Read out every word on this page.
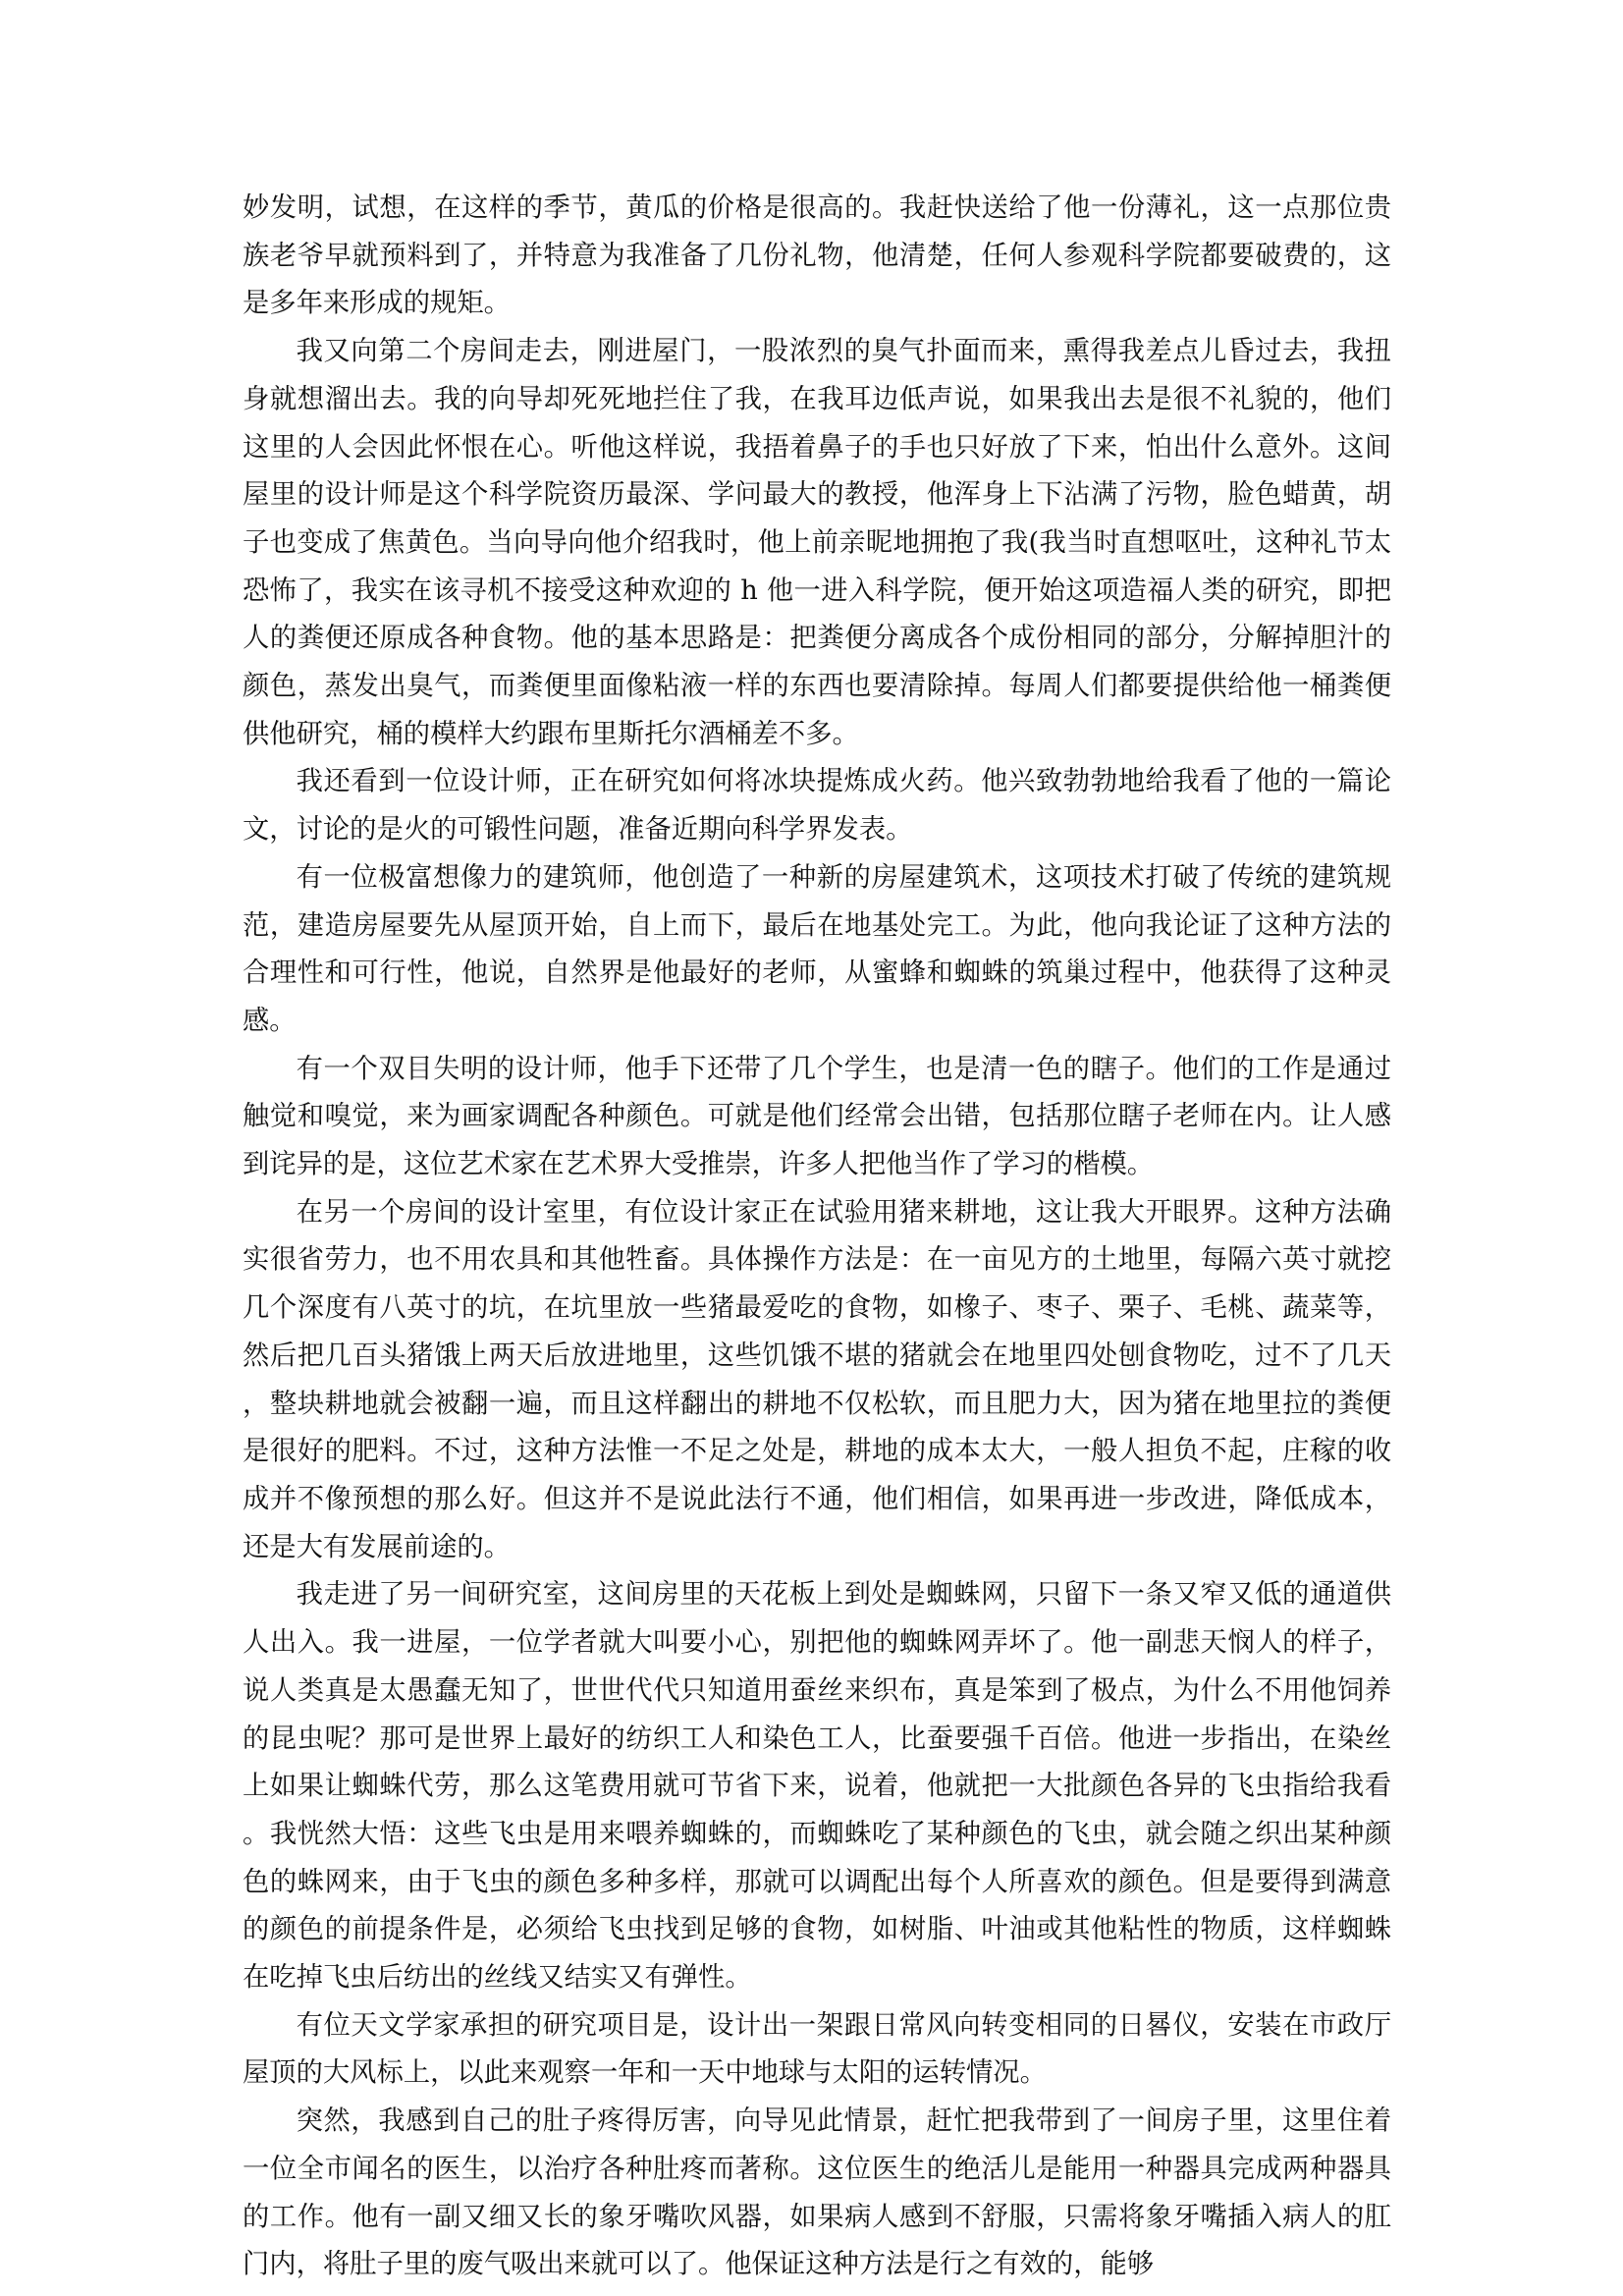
妙发明，试想，在这样的季节，黄瓜的价格是很高的。我赶快送给了他一份薄礼，这一点那位贵族老爷早就预料到了，并特意为我准备了几份礼物，他清楚，任何人参观科学院都要破费的，这是多年来形成的规矩。

我又向第二个房间走去，刚进屋门，一股浓烈的臭气扑面而来，熏得我差点儿昏过去，我扭身就想溜出去。我的向导却死死地拦住了我，在我耳边低声说，如果我出去是很不礼貌的，他们这里的人会因此怀恨在心。听他这样说，我捂着鼻子的手也只好放了下来，怕出什么意外。这间屋里的设计师是这个科学院资历最深、学问最大的教授，他浑身上下沾满了污物，脸色蜡黄，胡子也变成了焦黄色。当向导向他介绍我时，他上前亲昵地拥抱了我(我当时直想呕吐，这种礼节太恐怖了，我实在该寻机不接受这种欢迎的 h 他一进入科学院，便开始这项造福人类的研究，即把人的粪便还原成各种食物。他的基本思路是：把粪便分离成各个成份相同的部分，分解掉胆汁的颜色，蒸发出臭气，而粪便里面像粘液一样的东西也要清除掉。每周人们都要提供给他一桶粪便供他研究，桶的模样大约跟布里斯托尔酒桶差不多。

我还看到一位设计师，正在研究如何将冰块提炼成火药。他兴致勃勃地给我看了他的一篇论文，讨论的是火的可锻性问题，准备近期向科学界发表。

有一位极富想像力的建筑师，他创造了一种新的房屋建筑术，这项技术打破了传统的建筑规范，建造房屋要先从屋顶开始，自上而下，最后在地基处完工。为此，他向我论证了这种方法的合理性和可行性，他说，自然界是他最好的老师，从蜜蜂和蜘蛛的筑巢过程中，他获得了这种灵感。

有一个双目失明的设计师，他手下还带了几个学生，也是清一色的瞎子。他们的工作是通过触觉和嗅觉，来为画家调配各种颜色。可就是他们经常会出错，包括那位瞎子老师在内。让人感到诧异的是，这位艺术家在艺术界大受推崇，许多人把他当作了学习的楷模。

在另一个房间的设计室里，有位设计家正在试验用猪来耕地，这让我大开眼界。这种方法确实很省劳力，也不用农具和其他牲畜。具体操作方法是：在一亩见方的土地里，每隔六英寸就挖几个深度有八英寸的坑，在坑里放一些猪最爱吃的食物，如橡子、枣子、栗子、毛桃、蔬菜等，然后把几百头猪饿上两天后放进地里，这些饥饿不堪的猪就会在地里四处刨食物吃，过不了几天，整块耕地就会被翻一遍，而且这样翻出的耕地不仅松软，而且肥力大，因为猪在地里拉的粪便是很好的肥料。不过，这种方法惟一不足之处是，耕地的成本太大，一般人担负不起，庄稼的收成并不像预想的那么好。但这并不是说此法行不通，他们相信，如果再进一步改进，降低成本，还是大有发展前途的。

我走进了另一间研究室，这间房里的天花板上到处是蜘蛛网，只留下一条又窄又低的通道供人出入。我一进屋，一位学者就大叫要小心，别把他的蜘蛛网弄坏了。他一副悲天悯人的样子，说人类真是太愚蠢无知了，世世代代只知道用蚕丝来织布，真是笨到了极点，为什么不用他饲养的昆虫呢？那可是世界上最好的纺织工人和染色工人，比蚕要强千百倍。他进一步指出，在染丝上如果让蜘蛛代劳，那么这笔费用就可节省下来，说着，他就把一大批颜色各异的飞虫指给我看。我恍然大悟：这些飞虫是用来喂养蜘蛛的，而蜘蛛吃了某种颜色的飞虫，就会随之织出某种颜色的蛛网来，由于飞虫的颜色多种多样，那就可以调配出每个人所喜欢的颜色。但是要得到满意的颜色的前提条件是，必须给飞虫找到足够的食物，如树脂、叶油或其他粘性的物质，这样蜘蛛在吃掉飞虫后纺出的丝线又结实又有弹性。

有位天文学家承担的研究项目是，设计出一架跟日常风向转变相同的日晷仪，安装在市政厅屋顶的大风标上，以此来观察一年和一天中地球与太阳的运转情况。

突然，我感到自己的肚子疼得厉害，向导见此情景，赶忙把我带到了一间房子里，这里住着一位全市闻名的医生，以治疗各种肚疼而著称。这位医生的绝活儿是能用一种器具完成两种器具的工作。他有一副又细又长的象牙嘴吹风器，如果病人感到不舒服，只需将象牙嘴插入病人的肛门内，将肚子里的废气吸出来就可以了。他保证这种方法是行之有效的，能够
